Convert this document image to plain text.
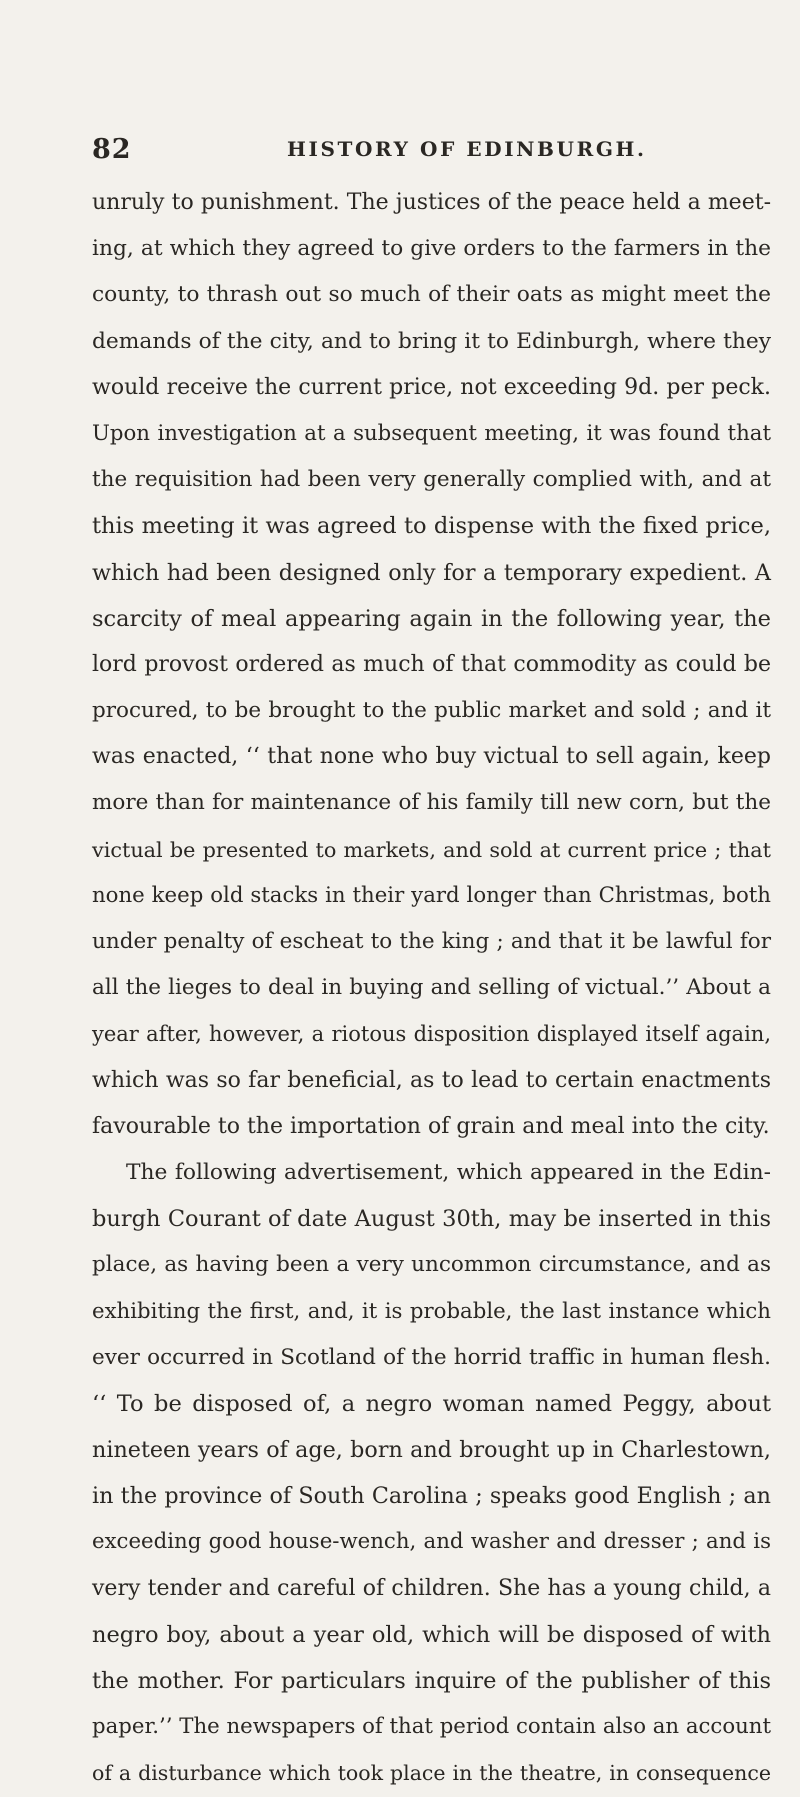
82	HISTORY OF EDINBURGH.
unruly to punishment. The justices of the peace held a meet-
ing, at which they agreed to give orders to the farmers in the
county, to thrash out so much of their oats as might meet the
demands of the city, and to bring it to Edinburgh, where they
would receive the current price, not exceeding 9d. per peck.
Upon investigation at a subsequent meeting, it was found that
the requisition had been very generally complied with, and at
this meeting it was agreed to dispense with the fixed price,
which had been designed only for a temporary expedient. A
scarcity of meal appearing again in the following year, the
lord provost ordered as much of that commodity as could be
procured, to be brought to the public market and sold ; and it
was enacted, ‘‘ that none who buy victual to sell again, keep
more than for maintenance of his family till new corn, but the
victual be presented to markets, and sold at current price ; that
none keep old stacks in their yard longer than Christmas, both
under penalty of escheat to the king ; and that it be lawful for
all the lieges to deal in buying and selling of victual.’’ About a
year after, however, a riotous disposition displayed itself again,
which was so far beneficial, as to lead to certain enactments
favourable to the importation of grain and meal into the city.
The following advertisement, which appeared in the Edin-
burgh Courant of date August 30th, may be inserted in this
place, as having been a very uncommon circumstance, and as
exhibiting the first, and, it is probable, the last instance which
ever occurred in Scotland of the horrid traffic in human flesh.
‘‘ To be disposed of, a negro woman named Peggy, about
nineteen years of age, born and brought up in Charlestown,
in the province of South Carolina ; speaks good English ; an
exceeding good house-wench, and washer and dresser ; and is
very tender and careful of children. She has a young child, a
negro boy, about a year old, which will be disposed of with
the mother. For particulars inquire of the publisher of this
paper.’’ The newspapers of that period contain also an account
of a disturbance which took place in the theatre, in consequence
